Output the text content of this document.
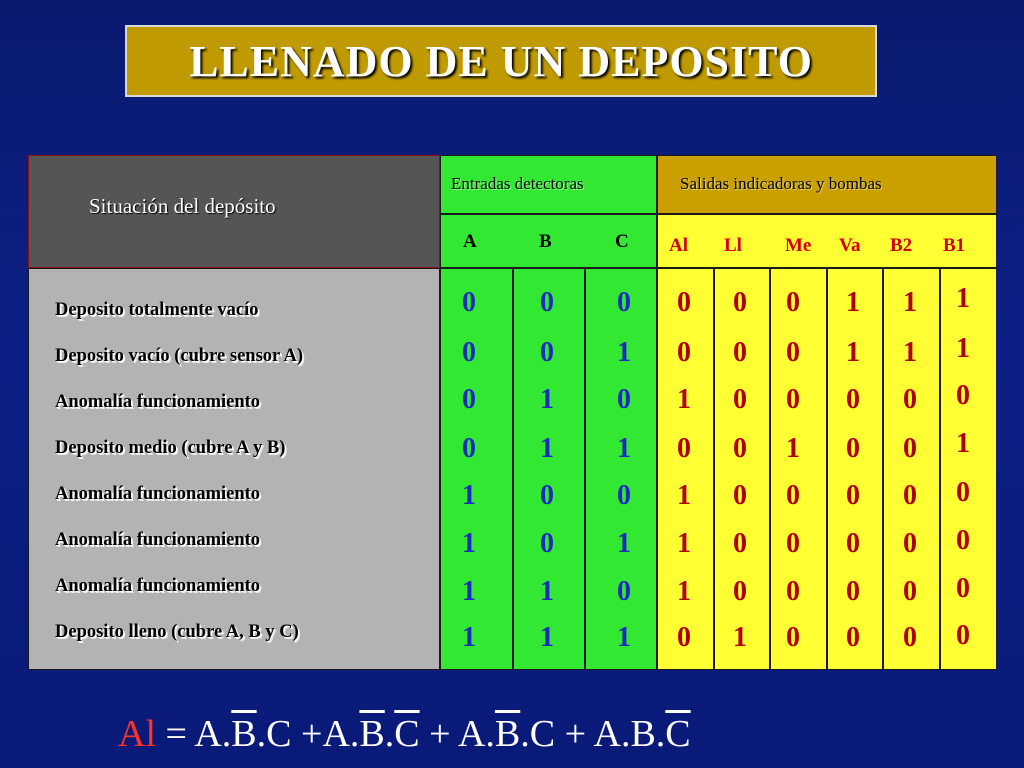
LLENADO DE UN DEPOSITO
Situación del depósito
Entradas detectoras	Salidas indicadoras y bombas
A	B	C Al Ll Me Va B2 B1
Deposito totalmente vacío	0 0 0 0 0 0 1 1 1
Deposito vacío (cubre sensor A)	0 0 1 0 0 0 1 1 1
Anomalía funcionamiento	0 1 0 1 0 0 0 0 0
Deposito medio (cubre A y B)	0 1 1 0 0 1 0 0 1
Anomalía funcionamiento	1 0 0 1 0 0 0 0 0
Anomalía funcionamiento	1 0 1 1 0 0 0 0 0
Anomalía funcionamiento	1 1 0 1 0 0 0 0 0
Deposito lleno (cubre A, B y C)	1 1 1 0 1 0 0 0 0
$Al = A.\overline{B}.C +A.\overline{B}.\overline{C} + A.\overline{B}.C + A.B.\overline{C}$
